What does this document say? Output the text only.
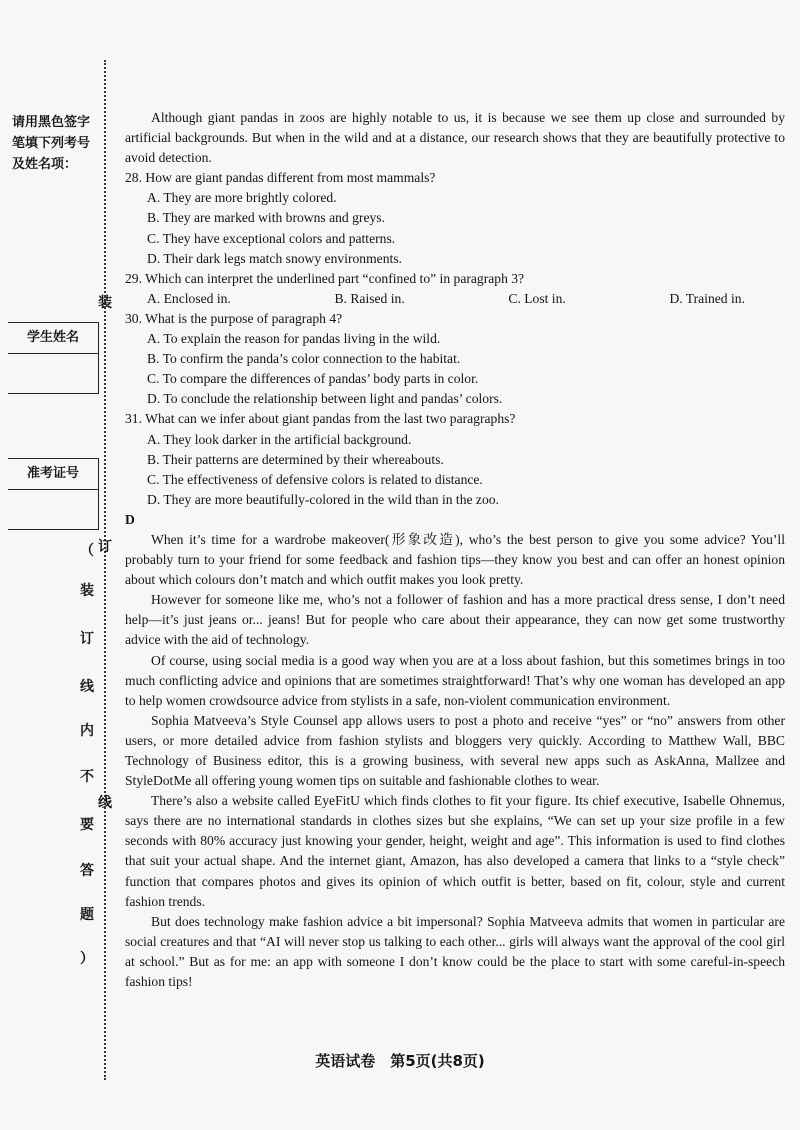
请用黑色签字笔填下列考号及姓名项：
学生姓名
准考证号
装
订
线
（
装
订
线
内
不
要
答
题
）

Although giant pandas in zoos are highly notable to us, it is because we see them up close and surrounded by artificial backgrounds. But when in the wild and at a distance, our research shows that they are beautifully protective to avoid detection.

28. How are giant pandas different from most mammals?

A. They are more brightly colored.

B. They are marked with browns and greys.

C. They have exceptional colors and patterns.

D. Their dark legs match snowy environments.

29. Which can interpret the underlined part “confined to” in paragraph 3?

A. Enclosed in.	B. Raised in.	C. Lost in.	D. Trained in.

30. What is the purpose of paragraph 4?

A. To explain the reason for pandas living in the wild.

B. To confirm the panda’s color connection to the habitat.

C. To compare the differences of pandas’ body parts in color.

D. To conclude the relationship between light and pandas’ colors.

31. What can we infer about giant pandas from the last two paragraphs?

A. They look darker in the artificial background.

B. Their patterns are determined by their whereabouts.

C. The effectiveness of defensive colors is related to distance.

D. They are more beautifully-colored in the wild than in the zoo.

D

When it’s time for a wardrobe makeover(形象改造), who’s the best person to give you some advice? You’ll probably turn to your friend for some feedback and fashion tips—they know you best and can offer an honest opinion about which colours don’t match and which outfit makes you look pretty.

However for someone like me, who’s not a follower of fashion and has a more practical dress sense, I don’t need help—it’s just jeans or... jeans! But for people who care about their appearance, they can now get some trustworthy advice with the aid of technology.

Of course, using social media is a good way when you are at a loss about fashion, but this sometimes brings in too much conflicting advice and opinions that are sometimes straightforward! That’s why one woman has developed an app to help women crowdsource advice from stylists in a safe, non-violent communication environment.

Sophia Matveeva’s Style Counsel app allows users to post a photo and receive “yes” or “no” answers from other users, or more detailed advice from fashion stylists and bloggers very quickly. According to Matthew Wall, BBC Technology of Business editor, this is a growing business, with several new apps such as AskAnna, Mallzee and StyleDotMe all offering young women tips on suitable and fashionable clothes to wear.

There’s also a website called EyeFitU which finds clothes to fit your figure. Its chief executive, Isabelle Ohnemus, says there are no international standards in clothes sizes but she explains, “We can set up your size profile in a few seconds with 80% accuracy just knowing your gender, height, weight and age”. This information is used to find clothes that suit your actual shape. And the internet giant, Amazon, has also developed a camera that links to a “style check” function that compares photos and gives its opinion of which outfit is better, based on fit, colour, style and current fashion trends.

But does technology make fashion advice a bit impersonal? Sophia Matveeva admits that women in particular are social creatures and that “AI will never stop us talking to each other... girls will always want the approval of the cool girl at school.” But as for me: an app with someone I don’t know could be the place to start with some careful-in-speech fashion tips!

英语试卷　第5页(共8页)
